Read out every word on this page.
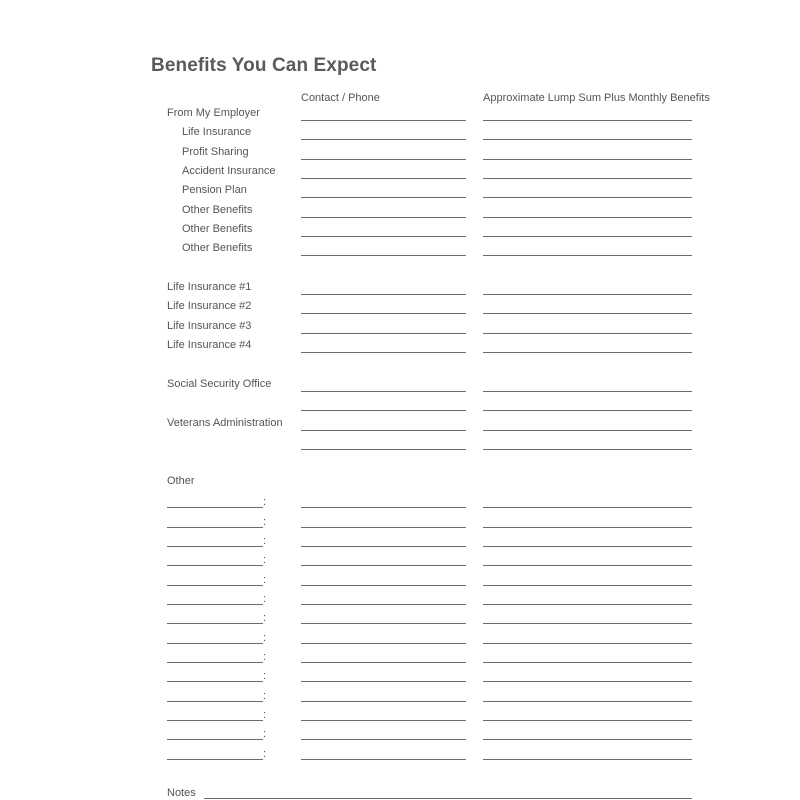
Benefits You Can Expect
Contact / Phone	Approximate Lump Sum Plus Monthly Benefits
From My Employer
Life Insurance
Profit Sharing
Accident Insurance
Pension Plan
Other Benefits
Other Benefits
Other Benefits
Life Insurance #1
Life Insurance #2
Life Insurance #3
Life Insurance #4
Social Security Office
Veterans Administration
Other
:
:
:
:
:
:
:
:
:
:
:
:
:
:
Notes
